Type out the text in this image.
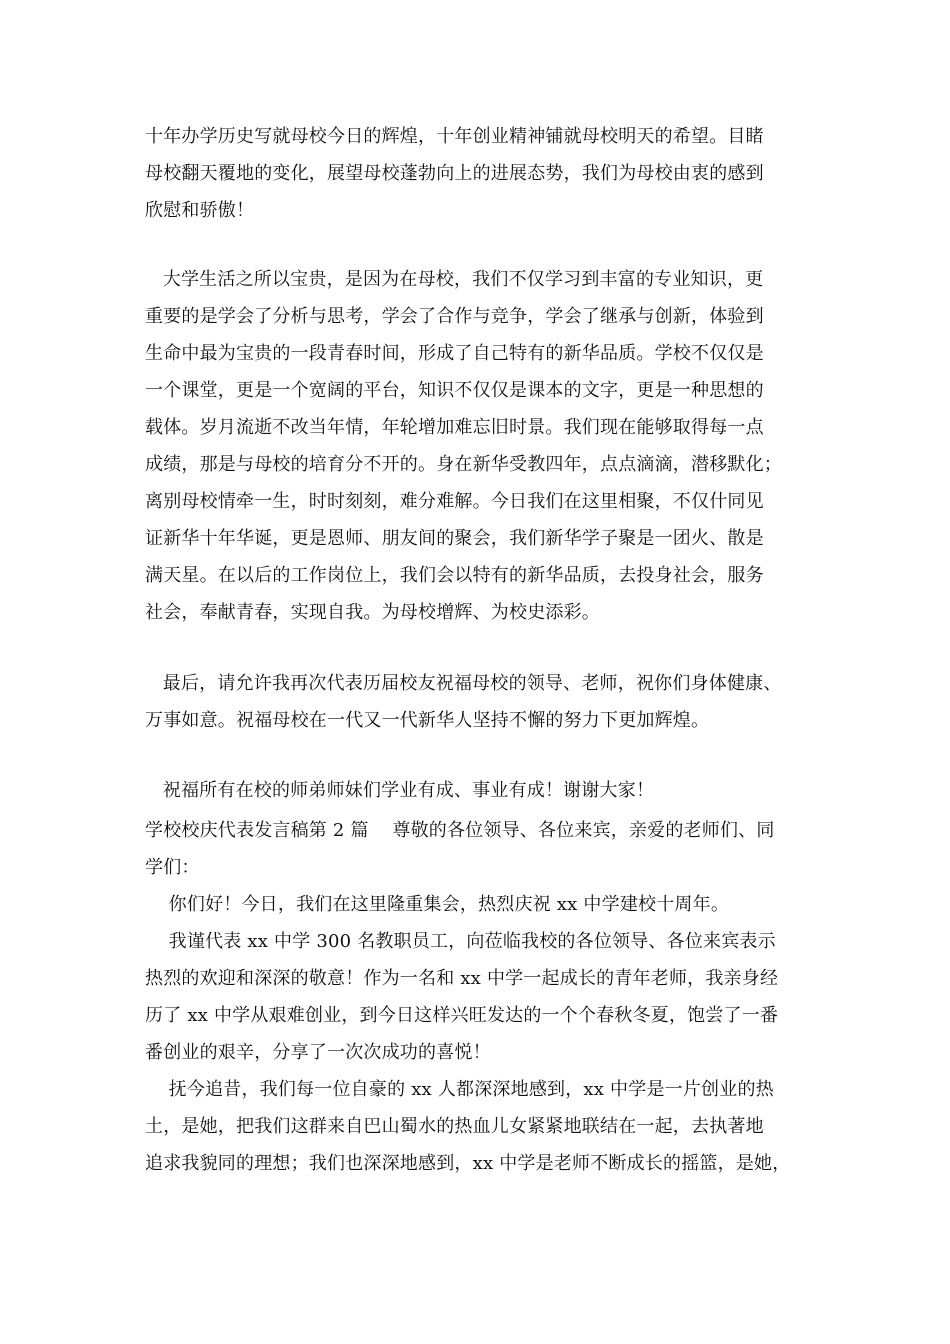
十年办学历史写就母校今日的辉煌，十年创业精神铺就母校明天的希望。目睹
母校翻天覆地的变化，展望母校蓬勃向上的进展态势，我们为母校由衷的感到
欣慰和骄傲！
大学生活之所以宝贵，是因为在母校，我们不仅学习到丰富的专业知识，更
重要的是学会了分析与思考，学会了合作与竞争，学会了继承与创新，体验到
生命中最为宝贵的一段青春时间，形成了自己特有的新华品质。学校不仅仅是
一个课堂，更是一个宽阔的平台，知识不仅仅是课本的文字，更是一种思想的
载体。岁月流逝不改当年情，年轮增加难忘旧时景。我们现在能够取得每一点
成绩，那是与母校的培育分不开的。身在新华受教四年，点点滴滴，潜移默化；
离别母校情牵一生，时时刻刻，难分难解。今日我们在这里相聚，不仅什同见
证新华十年华诞，更是恩师、朋友间的聚会，我们新华学子聚是一团火、散是
满天星。在以后的工作岗位上，我们会以特有的新华品质，去投身社会，服务
社会，奉献青春，实现自我。为母校增辉、为校史添彩。
最后，请允许我再次代表历届校友祝福母校的领导、老师，祝你们身体健康、
万事如意。祝福母校在一代又一代新华人坚持不懈的努力下更加辉煌。
祝福所有在校的师弟师妹们学业有成、事业有成！谢谢大家！
学校校庆代表发言稿第 2 篇    尊敬的各位领导、各位来宾，亲爱的老师们、同
学们：
你们好！今日，我们在这里隆重集会，热烈庆祝 xx 中学建校十周年。
我谨代表 xx 中学 300 名教职员工，向莅临我校的各位领导、各位来宾表示
热烈的欢迎和深深的敬意！作为一名和 xx 中学一起成长的青年老师，我亲身经
历了 xx 中学从艰难创业，到今日这样兴旺发达的一个个春秋冬夏，饱尝了一番
番创业的艰辛，分享了一次次成功的喜悦！
抚今追昔，我们每一位自豪的 xx 人都深深地感到，xx 中学是一片创业的热
土，是她，把我们这群来自巴山蜀水的热血儿女紧紧地联结在一起，去执著地
追求我貌同的理想；我们也深深地感到，xx 中学是老师不断成长的摇篮，是她，
